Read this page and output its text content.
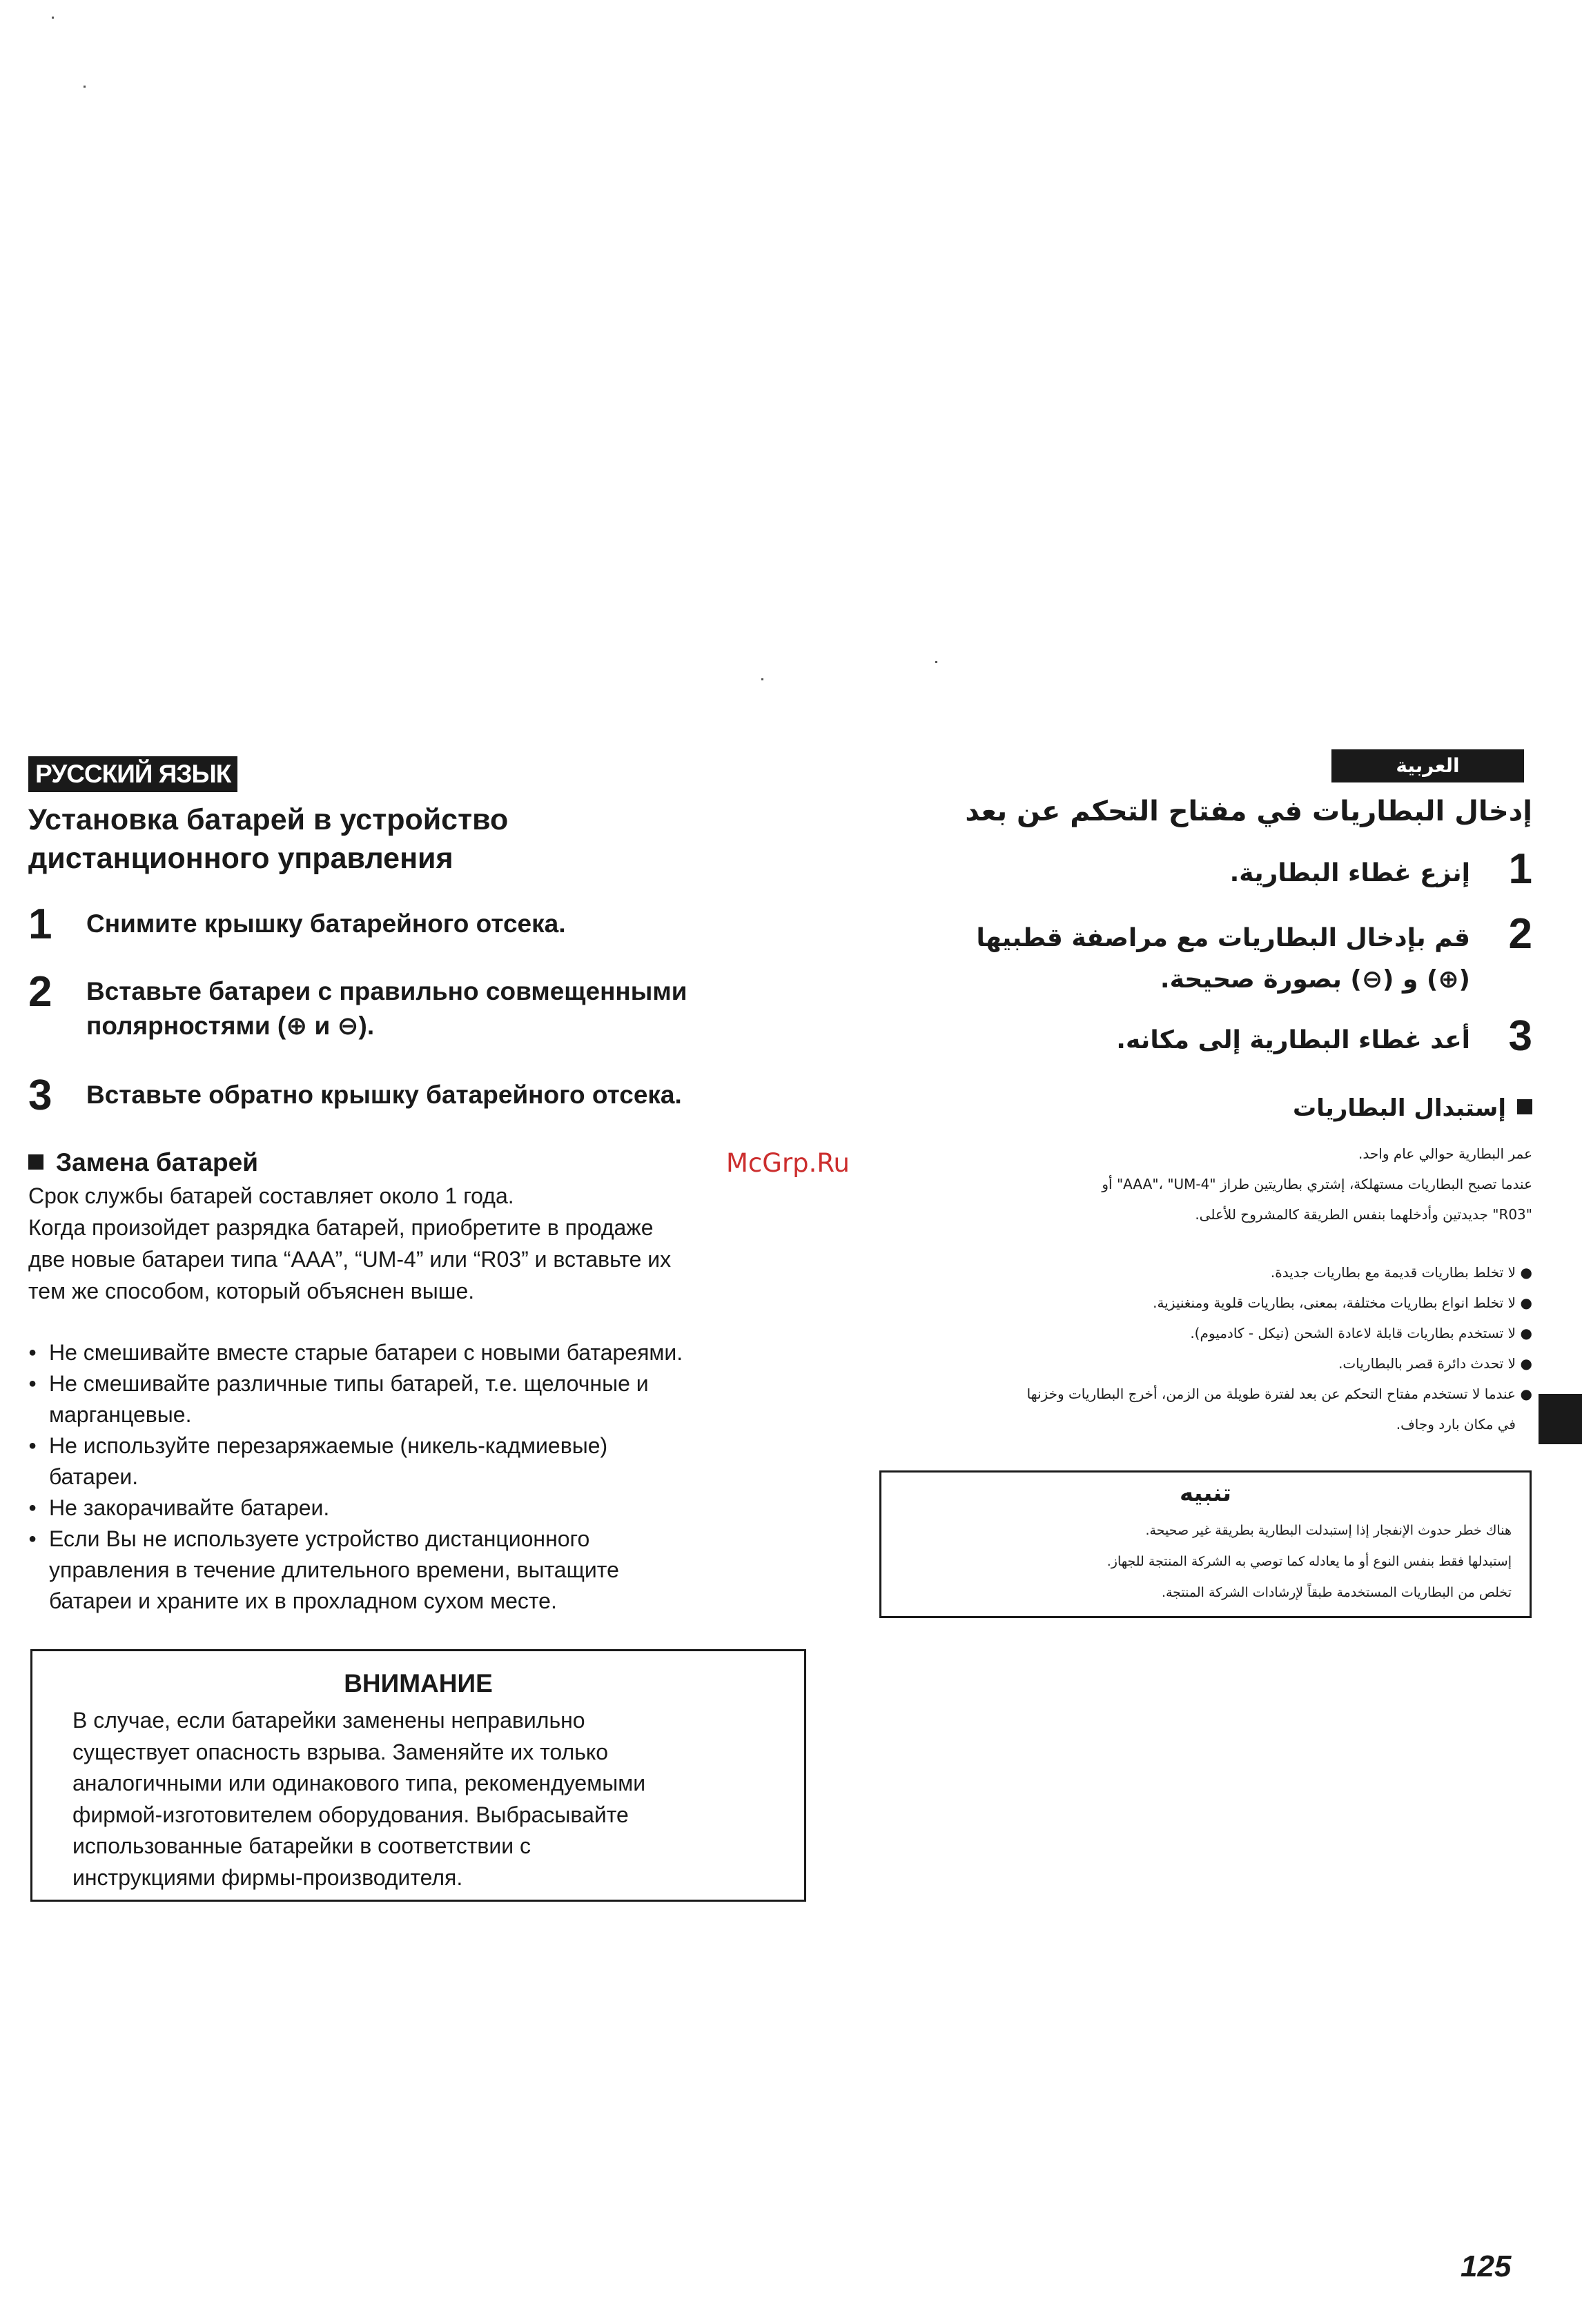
РУССКИЙ ЯЗЫК
Установка батарей в устройство
дистанционного управления
1 Снимите крышку батарейного отсека.
2 Вставьте батареи с правильно совмещенными
полярностями (⊕ и ⊖).
3 Вставьте обратно крышку батарейного отсека.
Замена батарей
Срок службы батарей составляет около 1 года.
Когда произойдет разрядка батарей, приобретите в продаже
две новые батареи типа “AAA”, “UM-4” или “R03” и вставьте их
тем же способом, который объяснен выше.
● Не смешивайте вместе старые батареи с новыми батареями.
● Не смешивайте различные типы батарей, т.е. щелочные и
марганцевые.
● Не используйте перезаряжаемые (никель-кадмиевые)
батареи.
● Не закорачивайте батареи.
● Если Вы не используете устройство дистанционного
управления в течение длительного времени, вытащите
батареи и храните их в прохладном сухом месте.
ВНИМАНИЕ
В случае, если батарейки заменены неправильно
существует опасность взрыва. Заменяйте их только
аналогичными или одинакового типа, рекомендуемыми
фирмой-изготовителем оборудования. Выбрасывайте
использованные батарейки в соответствии с
инструкциями фирмы-производителя.
McGrp.Ru
العربية
إدخال البطاريات في مفتاح التحكم عن بعد
1
إنزع غطاء البطارية.
2
قم بإدخال البطاريات مع مراصفة قطبيها
(⊕) و (⊖) بصورة صحيحة.
3
أعد غطاء البطارية إلى مكانه.
إستبدال البطاريات
عمر البطارية حوالي عام واحد.
عندما تصبح البطاريات مستهلكة، إشتري بطاريتين طراز "AAA"، "UM-4" أو
"R03" جديدتين وأدخلهما بنفس الطريقة كالمشروح للأعلى.
● لا تخلط بطاريات قديمة مع بطاريات جديدة.
● لا تخلط انواع بطاريات مختلفة، بمعنى، بطاريات قلوية ومنغنيزية.
● لا تستخدم بطاريات قابلة لاعادة الشحن (نيكل - كادميوم).
● لا تحدث دائرة قصر بالبطاريات.
● عندما لا تستخدم مفتاح التحكم عن بعد لفترة طويلة من الزمن، أخرج البطاريات وخزنها
في مكان بارد وجاف.
تنبيه
هناك خطر حدوث الإنفجار إذا إستبدلت البطارية بطريقة غير صحيحة.
إستبدلها فقط بنفس النوع أو ما يعادله كما توصي به الشركة المنتجة للجهاز.
تخلص من البطاريات المستخدمة طبقاً لإرشادات الشركة المنتجة.
125
